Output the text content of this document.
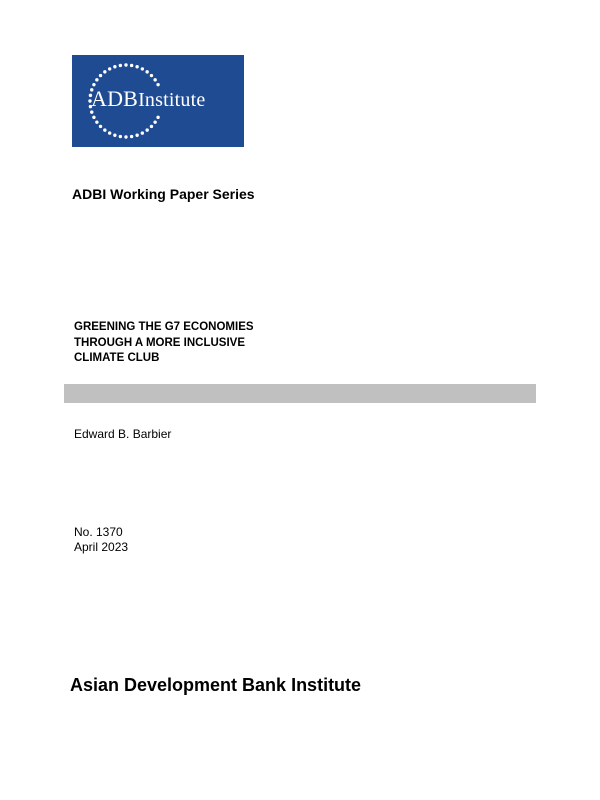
ADBInstitute
ADBI Working Paper Series
GREENING THE G7 ECONOMIES
THROUGH A MORE INCLUSIVE
CLIMATE CLUB
Edward B. Barbier
No. 1370
April 2023
Asian Development Bank Institute
